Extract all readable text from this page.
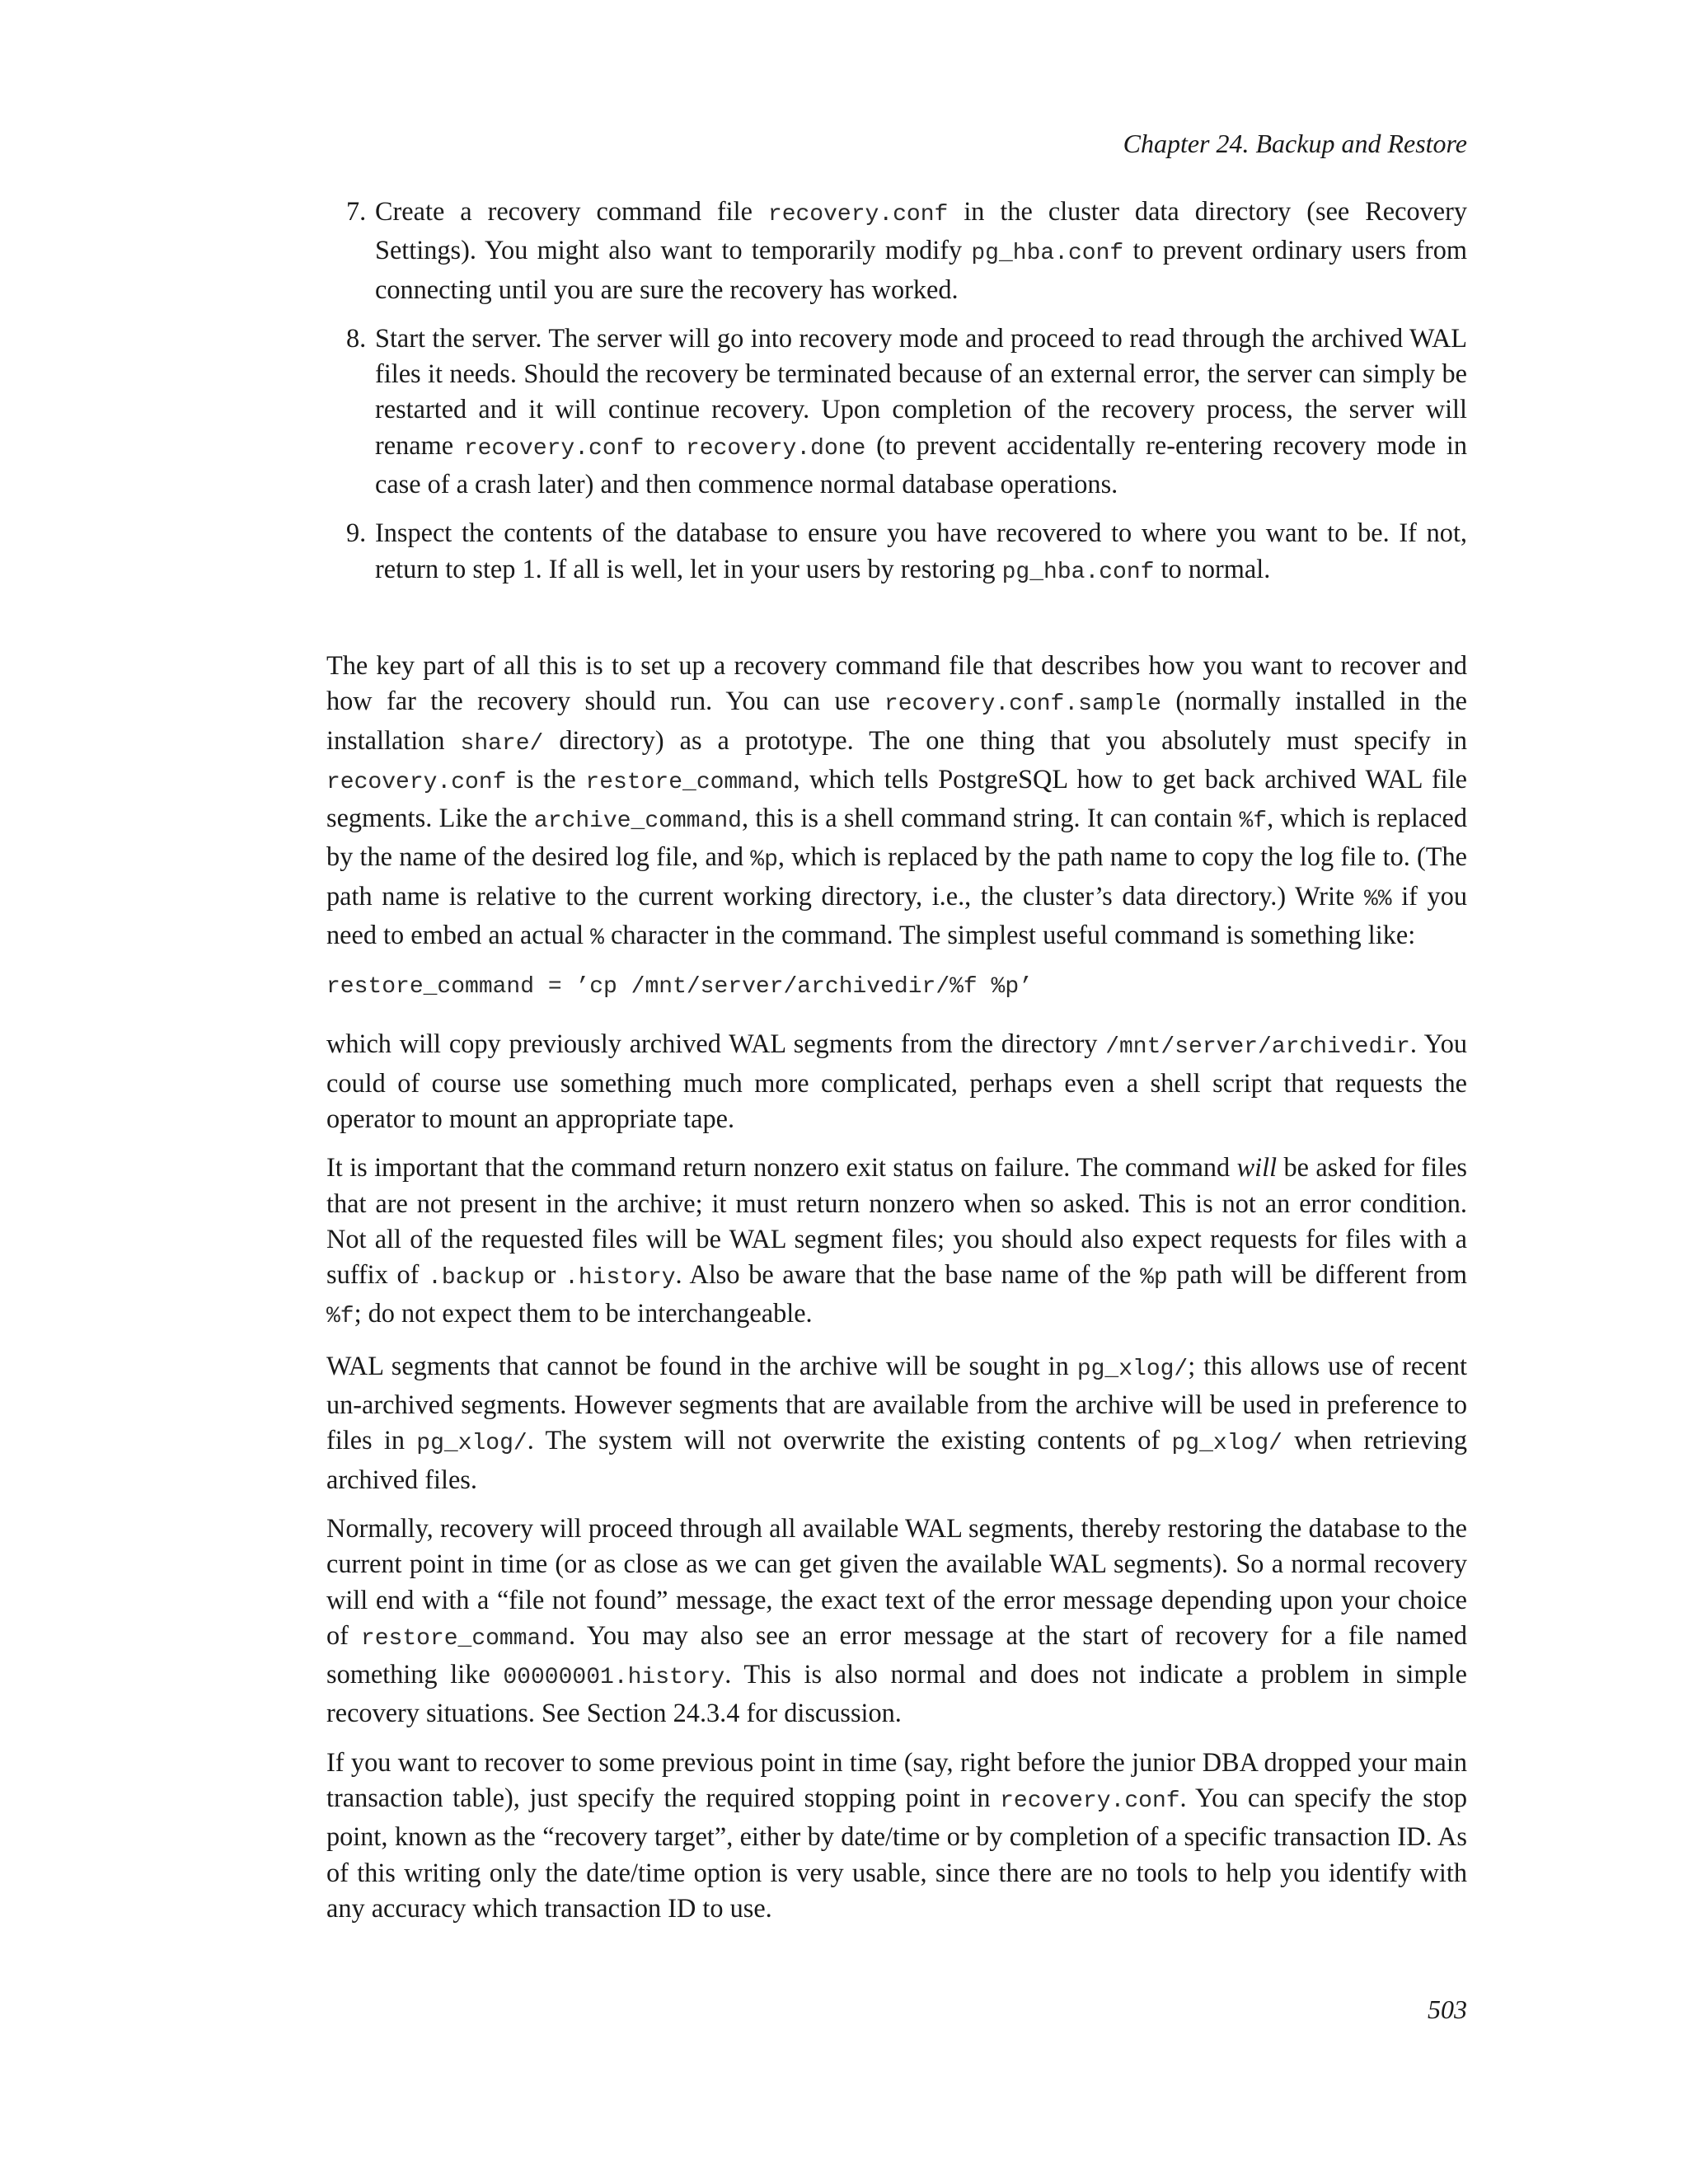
Chapter 24. Backup and Restore
7. Create a recovery command file recovery.conf in the cluster data directory (see Recovery Settings). You might also want to temporarily modify pg_hba.conf to prevent ordinary users from connecting until you are sure the recovery has worked.
8. Start the server. The server will go into recovery mode and proceed to read through the archived WAL files it needs. Should the recovery be terminated because of an external error, the server can simply be restarted and it will continue recovery. Upon completion of the recovery process, the server will rename recovery.conf to recovery.done (to prevent accidentally re-entering recovery mode in case of a crash later) and then commence normal database operations.
9. Inspect the contents of the database to ensure you have recovered to where you want to be. If not, return to step 1. If all is well, let in your users by restoring pg_hba.conf to normal.

The key part of all this is to set up a recovery command file that describes how you want to recover and how far the recovery should run. You can use recovery.conf.sample (normally installed in the installation share/ directory) as a prototype. The one thing that you absolutely must specify in recovery.conf is the restore_command, which tells PostgreSQL how to get back archived WAL file segments. Like the archive_command, this is a shell command string. It can contain %f, which is replaced by the name of the desired log file, and %p, which is replaced by the path name to copy the log file to. (The path name is relative to the current working directory, i.e., the cluster’s data directory.) Write %% if you need to embed an actual % character in the command. The simplest useful command is something like:

restore_command = ’cp /mnt/server/archivedir/%f %p’

which will copy previously archived WAL segments from the directory /mnt/server/archivedir. You could of course use something much more complicated, perhaps even a shell script that requests the operator to mount an appropriate tape.

It is important that the command return nonzero exit status on failure. The command will be asked for files that are not present in the archive; it must return nonzero when so asked. This is not an error condition. Not all of the requested files will be WAL segment files; you should also expect requests for files with a suffix of .backup or .history. Also be aware that the base name of the %p path will be different from %f; do not expect them to be interchangeable.

WAL segments that cannot be found in the archive will be sought in pg_xlog/; this allows use of recent un-archived segments. However segments that are available from the archive will be used in preference to files in pg_xlog/. The system will not overwrite the existing contents of pg_xlog/ when retrieving archived files.

Normally, recovery will proceed through all available WAL segments, thereby restoring the database to the current point in time (or as close as we can get given the available WAL segments). So a normal recovery will end with a “file not found” message, the exact text of the error message depending upon your choice of restore_command. You may also see an error message at the start of recovery for a file named something like 00000001.history. This is also normal and does not indicate a problem in simple recovery situations. See Section 24.3.4 for discussion.

If you want to recover to some previous point in time (say, right before the junior DBA dropped your main transaction table), just specify the required stopping point in recovery.conf. You can specify the stop point, known as the “recovery target”, either by date/time or by completion of a specific transaction ID. As of this writing only the date/time option is very usable, since there are no tools to help you identify with any accuracy which transaction ID to use.

503
